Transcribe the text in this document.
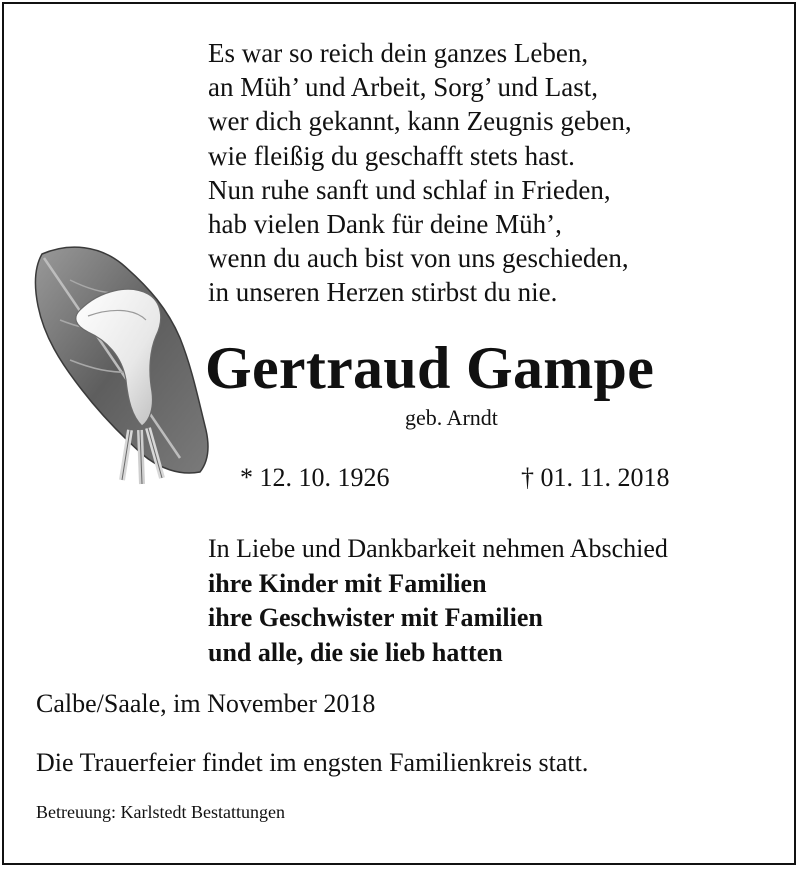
Es war so reich dein ganzes Leben,
an Müh’ und Arbeit, Sorg’ und Last,
wer dich gekannt, kann Zeugnis geben,
wie fleißig du geschafft stets hast.
Nun ruhe sanft und schlaf in Frieden,
hab vielen Dank für deine Müh’,
wenn du auch bist von uns geschieden,
in unseren Herzen stirbst du nie.
Gertraud Gampe
geb. Arndt
* 12. 10. 1926	† 01. 11. 2018
In Liebe und Dankbarkeit nehmen Abschied
ihre Kinder mit Familien
ihre Geschwister mit Familien
und alle, die sie lieb hatten
Calbe/Saale, im November 2018
Die Trauerfeier findet im engsten Familienkreis statt.
Betreuung: Karlstedt Bestattungen
